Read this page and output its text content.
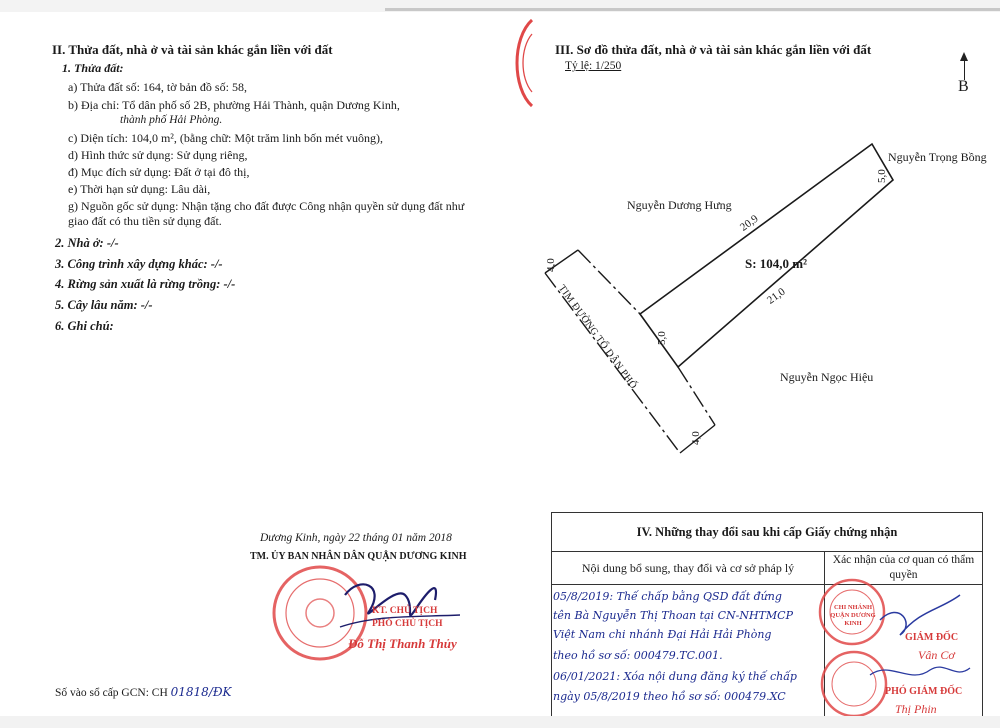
II. Thửa đất, nhà ở và tài sản khác gắn liền với đất
1. Thửa đất:
a) Thửa đất số: 164, tờ bản đồ số: 58,
b) Địa chỉ: Tổ dân phố số 2B, phường Hải Thành, quận Dương Kinh,
thành phố Hải Phòng.
c) Diện tích: 104,0 m², (bằng chữ: Một trăm linh bốn mét vuông),
d) Hình thức sử dụng: Sử dụng riêng,
đ) Mục đích sử dụng: Đất ở tại đô thị,
e) Thời hạn sử dụng: Lâu dài,
g) Nguồn gốc sử dụng: Nhận tặng cho đất được Công nhận quyền sử dụng đất như
giao đất có thu tiền sử dụng đất.
2. Nhà ở: -/-
3. Công trình xây dựng khác: -/-
4. Rừng sản xuất là rừng trồng: -/-
5. Cây lâu năm: -/-
6. Ghi chú:
Dương Kinh, ngày 22 tháng 01 năm 2018
TM. ỦY BAN NHÂN DÂN QUẬN DƯƠNG KINH
KT. CHỦ TỊCH
PHÓ CHỦ TỊCH
Đỗ Thị Thanh Thủy
Số vào sổ cấp GCN: CH 01818/ĐK
III. Sơ đồ thửa đất, nhà ở và tài sản khác gắn liền với đất
Tỷ lệ: 1/250
B
Nguyễn Trọng Bồng
Nguyễn Dương Hưng
Nguyễn Ngọc Hiệu
S: 104,0 m²
20,9
21,0
5,0
5,0
4,0
4,0
TIM ĐƯỜNG TỔ DÂN PHỐ
IV. Những thay đổi sau khi cấp Giấy chứng nhận	
Nội dung bổ sung, thay đổi và cơ sở pháp lý	Xác nhận của cơ quan có thẩm quyền

05/8/2019: Thế chấp bằng QSD đất đứng
tên Bà Nguyễn Thị Thoan tại CN-NHTMCP
Việt Nam chi nhánh Đại Hải Hải Phòng
theo hồ sơ số: 000479.TC.001.
06/01/2021: Xóa nội dung đăng ký thế chấp
ngày 05/8/2019 theo hồ sơ số: 000479.XC
CHI NHÁNH QUẬN DƯƠNG KINH
GIÁM ĐỐC
PHÓ GIÁM ĐỐC
Vân Cơ
Thị Phin
